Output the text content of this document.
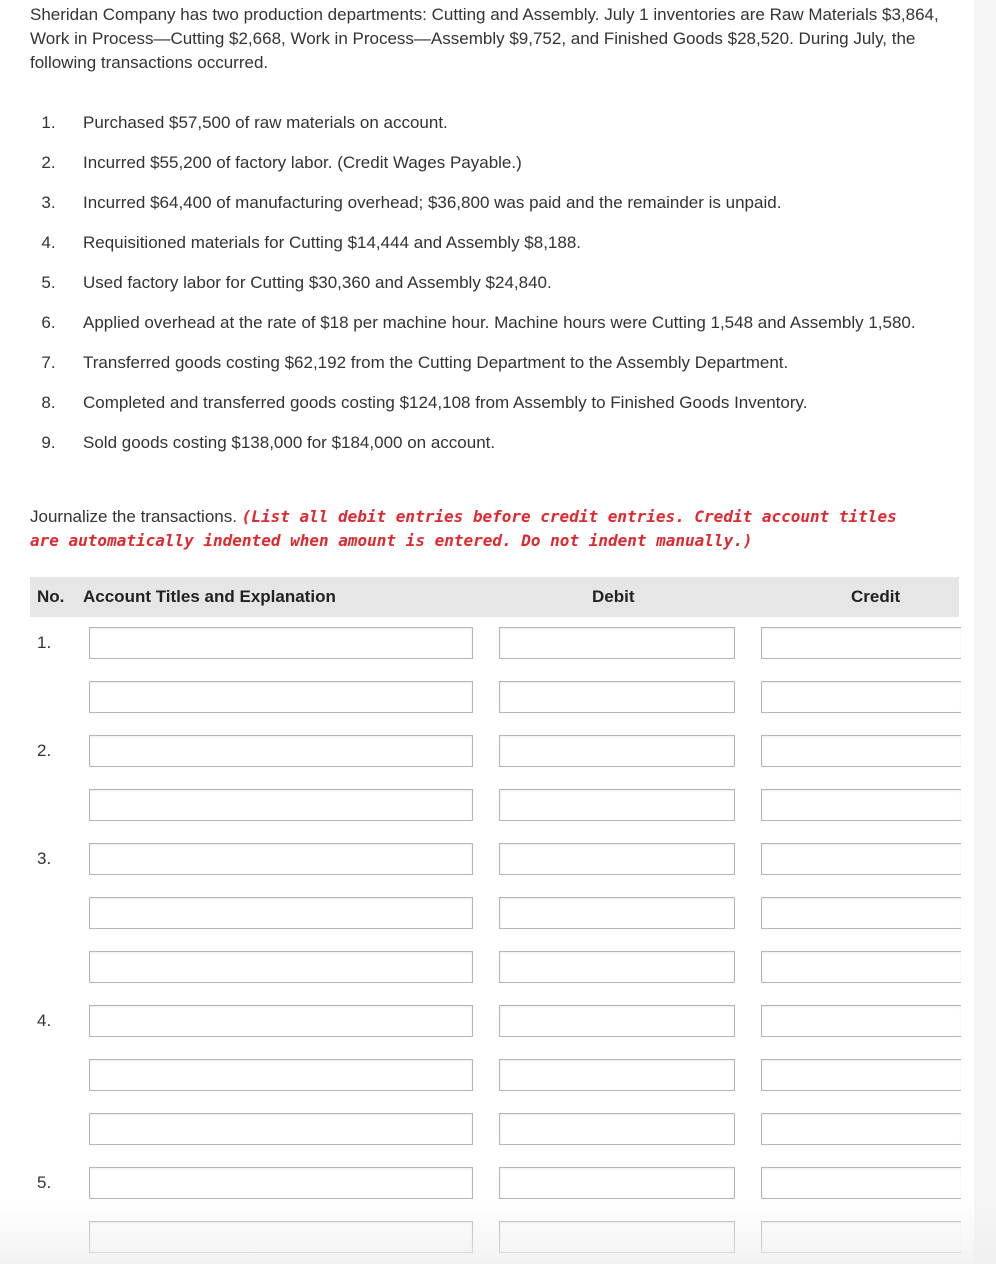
Sheridan Company has two production departments: Cutting and Assembly. July 1 inventories are Raw Materials $3,864, Work in Process—Cutting $2,668, Work in Process—Assembly $9,752, and Finished Goods $28,520. During July, the following transactions occurred.
1.	Purchased $57,500 of raw materials on account.
2.	Incurred $55,200 of factory labor. (Credit Wages Payable.)
3.	Incurred $64,400 of manufacturing overhead; $36,800 was paid and the remainder is unpaid.
4.	Requisitioned materials for Cutting $14,444 and Assembly $8,188.
5.	Used factory labor for Cutting $30,360 and Assembly $24,840.
6.	Applied overhead at the rate of $18 per machine hour. Machine hours were Cutting 1,548 and Assembly 1,580.
7.	Transferred goods costing $62,192 from the Cutting Department to the Assembly Department.
8.	Completed and transferred goods costing $124,108 from Assembly to Finished Goods Inventory.
9.	Sold goods costing $138,000 for $184,000 on account.
Journalize the transactions. (List all debit entries before credit entries. Credit account titles are automatically indented when amount is entered. Do not indent manually.)
No. Account Titles and Explanation	Debit	Credit
1.
2.
3.
4.
5.
